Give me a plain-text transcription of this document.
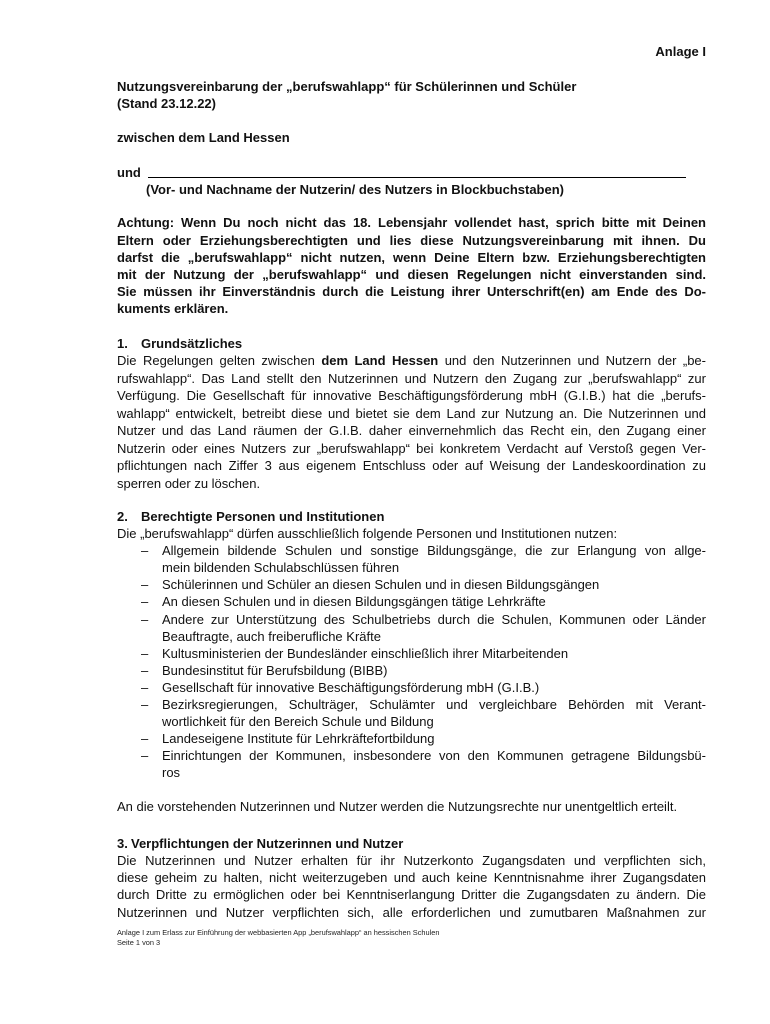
Anlage I
Nutzungsvereinbarung der „berufswahlapp“ für Schülerinnen und Schüler
(Stand 23.12.22)
zwischen dem Land Hessen
und
(Vor- und Nachname der Nutzerin/ des Nutzers in Blockbuchstaben)
Achtung: Wenn Du noch nicht das 18. Lebensjahr vollendet hast, sprich bitte mit Deinen
Eltern oder Erziehungsberechtigten und lies diese Nutzungsvereinbarung mit ihnen. Du
darfst die „berufswahlapp“ nicht nutzen, wenn Deine Eltern bzw. Erziehungsberechtigten
mit der Nutzung der „berufswahlapp“ und diesen Regelungen nicht einverstanden sind.
Sie müssen ihr Einverständnis durch die Leistung ihrer Unterschrift(en) am Ende des Do-
kuments erklären.
1. Grundsätzliches
Die Regelungen gelten zwischen dem Land Hessen und den Nutzerinnen und Nutzern der „be-
rufswahlapp“. Das Land stellt den Nutzerinnen und Nutzern den Zugang zur „berufswahlapp“ zur
Verfügung. Die Gesellschaft für innovative Beschäftigungsförderung mbH (G.I.B.) hat die „berufs-
wahlapp“ entwickelt, betreibt diese und bietet sie dem Land zur Nutzung an. Die Nutzerinnen und
Nutzer und das Land räumen der G.I.B. daher einvernehmlich das Recht ein, den Zugang einer
Nutzerin oder eines Nutzers zur „berufswahlapp“ bei konkretem Verdacht auf Verstoß gegen Ver-
pflichtungen nach Ziffer 3 aus eigenem Entschluss oder auf Weisung der Landeskoordination zu
sperren oder zu löschen.
2. Berechtigte Personen und Institutionen
Die „berufswahlapp“ dürfen ausschließlich folgende Personen und Institutionen nutzen:
– Allgemein bildende Schulen und sonstige Bildungsgänge, die zur Erlangung von allge-
mein bildenden Schulabschlüssen führen
– Schülerinnen und Schüler an diesen Schulen und in diesen Bildungsgängen
– An diesen Schulen und in diesen Bildungsgängen tätige Lehrkräfte
– Andere zur Unterstützung des Schulbetriebs durch die Schulen, Kommunen oder Länder
Beauftragte, auch freiberufliche Kräfte
– Kultusministerien der Bundesländer einschließlich ihrer Mitarbeitenden
– Bundesinstitut für Berufsbildung (BIBB)
– Gesellschaft für innovative Beschäftigungsförderung mbH (G.I.B.)
– Bezirksregierungen, Schulträger, Schulämter und vergleichbare Behörden mit Verant-
wortlichkeit für den Bereich Schule und Bildung
– Landeseigene Institute für Lehrkräftefortbildung
– Einrichtungen der Kommunen, insbesondere von den Kommunen getragene Bildungsbü-
ros
An die vorstehenden Nutzerinnen und Nutzer werden die Nutzungsrechte nur unentgeltlich erteilt.
3. Verpflichtungen der Nutzerinnen und Nutzer
Die Nutzerinnen und Nutzer erhalten für ihr Nutzerkonto Zugangsdaten und verpflichten sich,
diese geheim zu halten, nicht weiterzugeben und auch keine Kenntnisnahme ihrer Zugangsdaten
durch Dritte zu ermöglichen oder bei Kenntniserlangung Dritter die Zugangsdaten zu ändern. Die
Nutzerinnen und Nutzer verpflichten sich, alle erforderlichen und zumutbaren Maßnahmen zur
Anlage I zum Erlass zur Einführung der webbasierten App „berufswahlapp“ an hessischen Schulen
Seite 1 von 3
